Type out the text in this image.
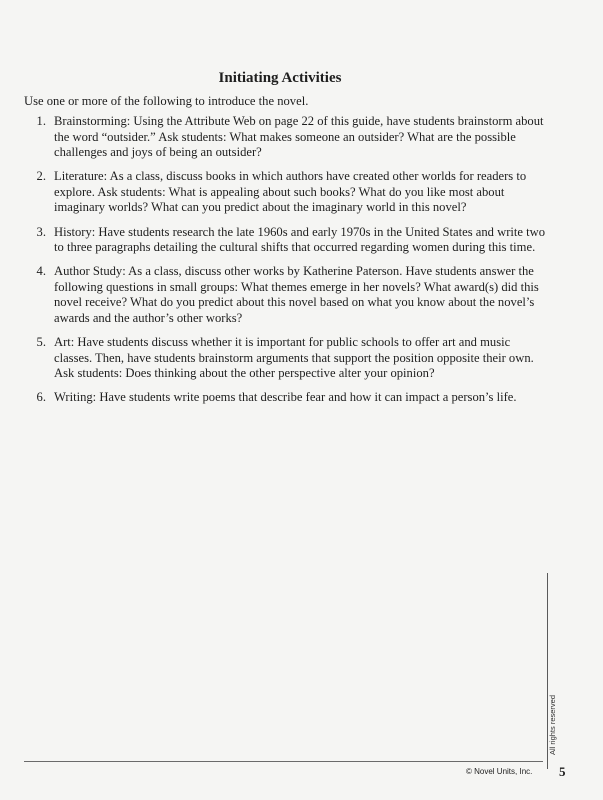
Initiating Activities
Use one or more of the following to introduce the novel.
1. Brainstorming: Using the Attribute Web on page 22 of this guide, have students brainstorm about the word “outsider.” Ask students: What makes someone an outsider? What are the possible challenges and joys of being an outsider?
2. Literature: As a class, discuss books in which authors have created other worlds for readers to explore. Ask students: What is appealing about such books? What do you like most about imaginary worlds? What can you predict about the imaginary world in this novel?
3. History: Have students research the late 1960s and early 1970s in the United States and write two to three paragraphs detailing the cultural shifts that occurred regarding women during this time.
4. Author Study: As a class, discuss other works by Katherine Paterson. Have students answer the following questions in small groups: What themes emerge in her novels? What award(s) did this novel receive? What do you predict about this novel based on what you know about the novel’s awards and the author’s other works?
5. Art: Have students discuss whether it is important for public schools to offer art and music classes. Then, have students brainstorm arguments that support the position opposite their own. Ask students: Does thinking about the other perspective alter your opinion?
6. Writing: Have students write poems that describe fear and how it can impact a person’s life.
All rights reserved
© Novel Units, Inc. 5
